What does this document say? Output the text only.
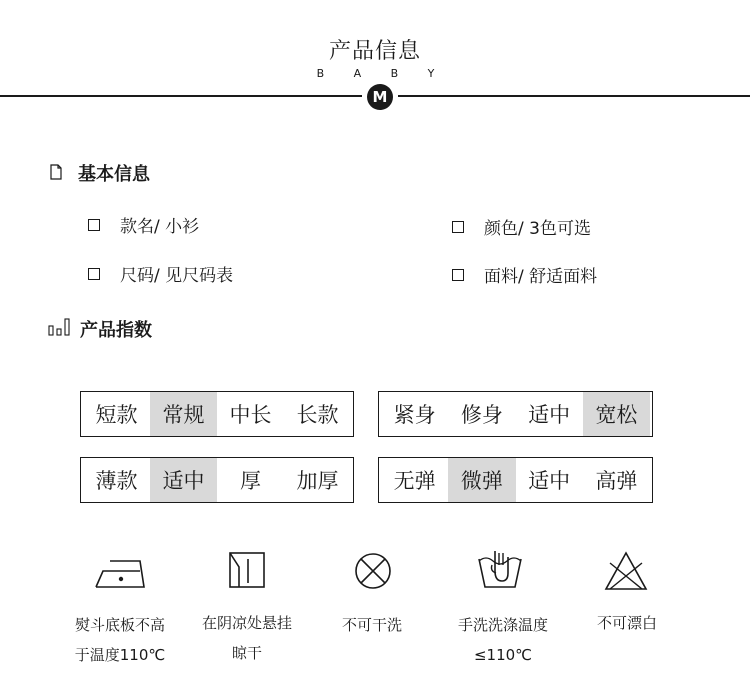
产品信息
B A B Y
M
基本信息
款名/ 小衫	颜色/ 3色可选
尺码/ 见尺码表	面料/ 舒适面料
产品指数
短款	常规	中长	长款	紧身	修身	适中	宽松
薄款	适中	厚	加厚	无弹	微弹	适中	高弹
熨斗底板不高
于温度110℃
在阴凉处悬挂
晾干
不可干洗	手洗洗涤温度
≤110℃
不可漂白
